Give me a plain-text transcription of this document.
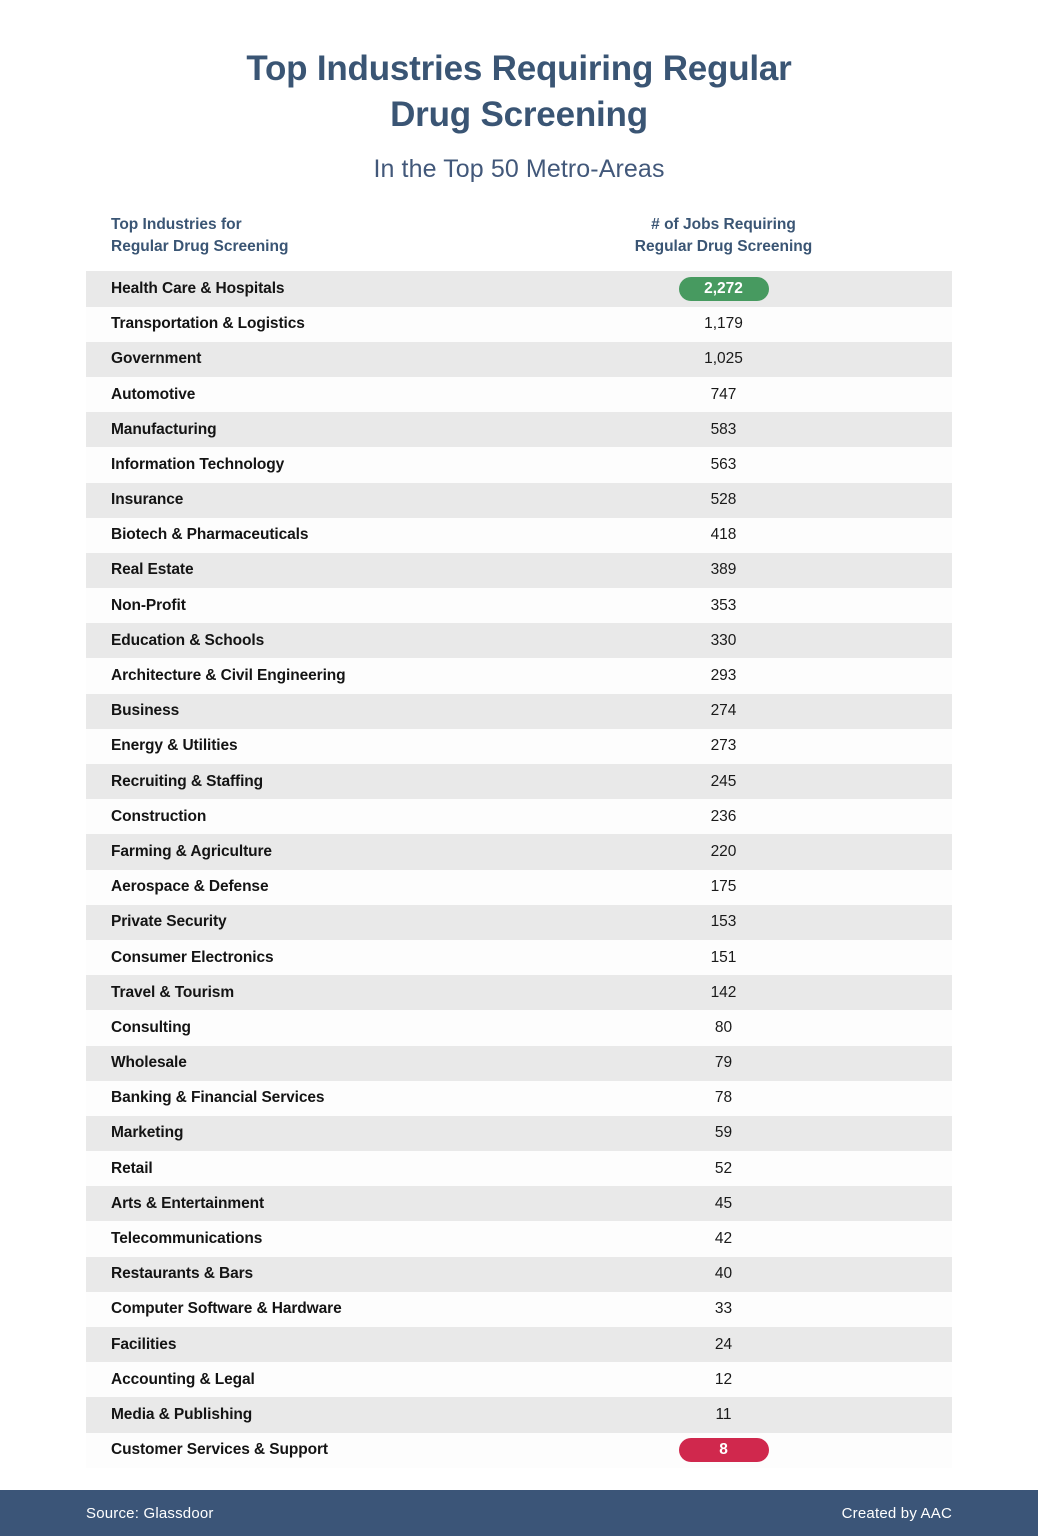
Top Industries Requiring Regular
Drug Screening
In the Top 50 Metro-Areas
Top Industries for
Regular Drug Screening
# of Jobs Requiring
Regular Drug Screening
Health Care & Hospitals	2,272
Transportation & Logistics	1,179
Government	1,025
Automotive	747
Manufacturing	583
Information Technology	563
Insurance	528
Biotech & Pharmaceuticals	418
Real Estate	389
Non-Profit	353
Education & Schools	330
Architecture & Civil Engineering	293
Business	274
Energy & Utilities	273
Recruiting & Staffing	245
Construction	236
Farming & Agriculture	220
Aerospace & Defense	175
Private Security	153
Consumer Electronics	151
Travel & Tourism	142
Consulting	80
Wholesale	79
Banking & Financial Services	78
Marketing	59
Retail	52
Arts & Entertainment	45
Telecommunications	42
Restaurants & Bars	40
Computer Software & Hardware	33
Facilities	24
Accounting & Legal	12
Media & Publishing	11
Customer Services & Support	8
Source: Glassdoor	Created by AAC
